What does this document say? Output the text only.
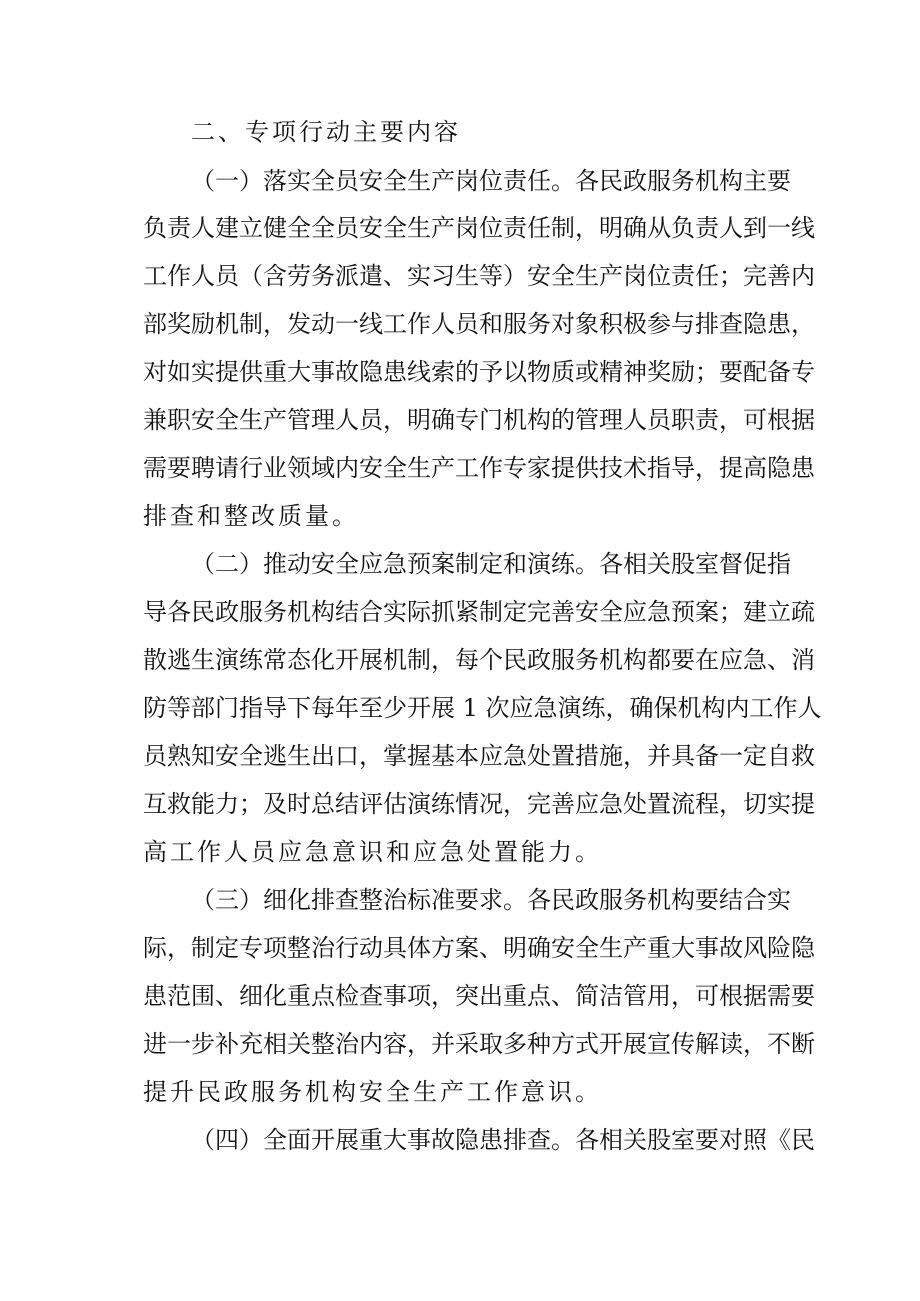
二、专项行动主要内容
（一）落实全员安全生产岗位责任。各民政服务机构主要
负责人建立健全全员安全生产岗位责任制，明确从负责人到一线
工作人员（含劳务派遣、实习生等）安全生产岗位责任；完善内
部奖励机制，发动一线工作人员和服务对象积极参与排查隐患，
对如实提供重大事故隐患线索的予以物质或精神奖励；要配备专
兼职安全生产管理人员，明确专门机构的管理人员职责，可根据
需要聘请行业领域内安全生产工作专家提供技术指导，提高隐患
排查和整改质量。
（二）推动安全应急预案制定和演练。各相关股室督促指
导各民政服务机构结合实际抓紧制定完善安全应急预案；建立疏
散逃生演练常态化开展机制，每个民政服务机构都要在应急、消
防等部门指导下每年至少开展 1 次应急演练，确保机构内工作人
员熟知安全逃生出口，掌握基本应急处置措施，并具备一定自救
互救能力；及时总结评估演练情况，完善应急处置流程，切实提
高工作人员应急意识和应急处置能力。
（三）细化排查整治标准要求。各民政服务机构要结合实
际，制定专项整治行动具体方案、明确安全生产重大事故风险隐
患范围、细化重点检查事项，突出重点、简洁管用，可根据需要
进一步补充相关整治内容，并采取多种方式开展宣传解读，不断
提升民政服务机构安全生产工作意识。
（四）全面开展重大事故隐患排查。各相关股室要对照《民
